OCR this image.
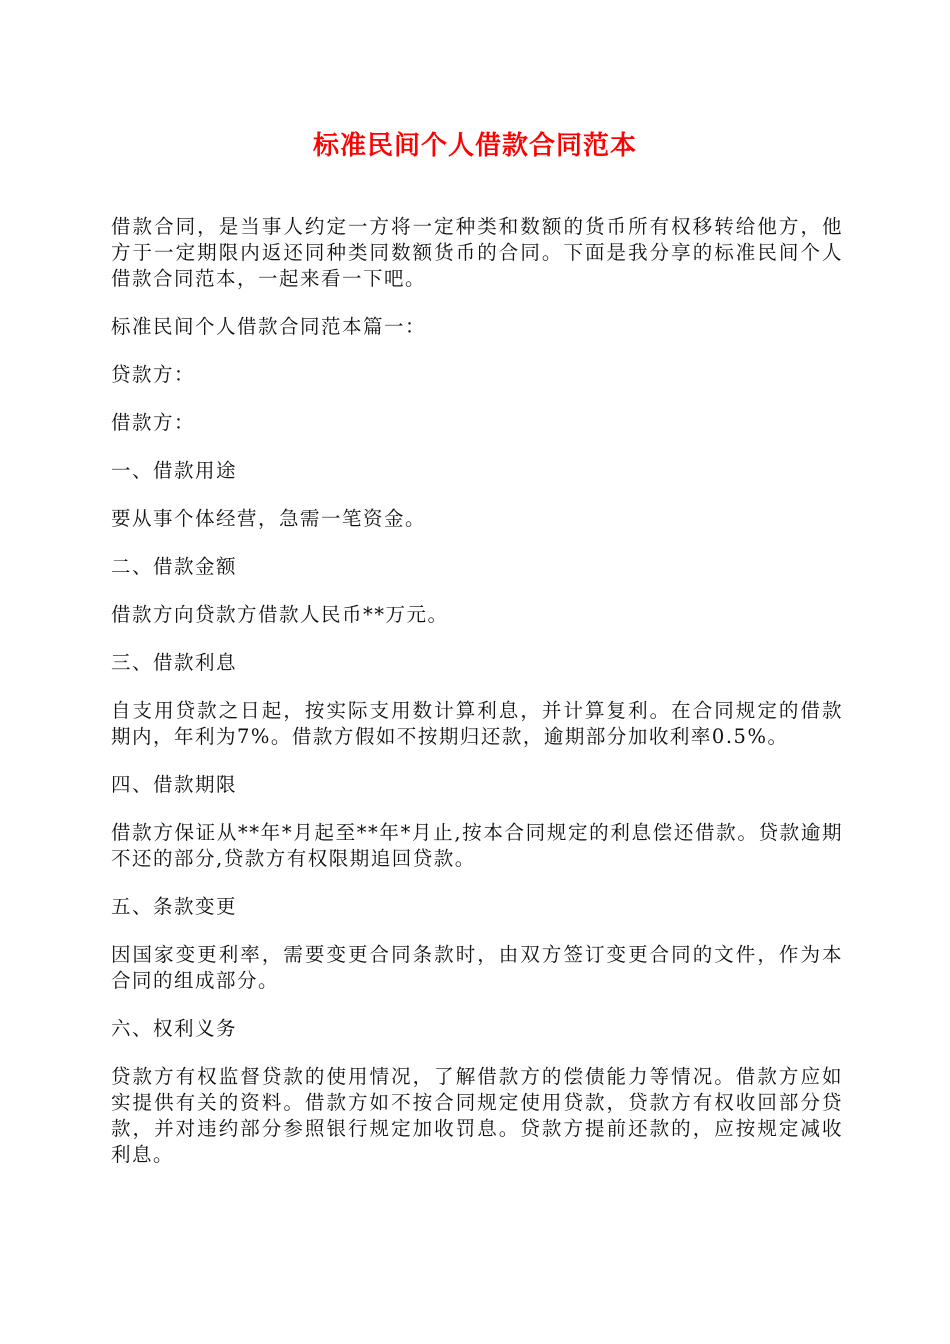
标准民间个人借款合同范本

借款合同，是当事人约定一方将一定种类和数额的货币所有权移转给他方，他方于一定期限内返还同种类同数额货币的合同。下面是我分享的标准民间个人借款合同范本，一起来看一下吧。

标准民间个人借款合同范本篇一：

贷款方：

借款方：

一、借款用途

要从事个体经营，急需一笔资金。

二、借款金额

借款方向贷款方借款人民币**万元。

三、借款利息

自支用贷款之日起，按实际支用数计算利息，并计算复利。在合同规定的借款期内，年利为7%。借款方假如不按期归还款，逾期部分加收利率0.5%。

四、借款期限

借款方保证从**年*月起至**年*月止,按本合同规定的利息偿还借款。贷款逾期不还的部分,贷款方有权限期追回贷款。

五、条款变更

因国家变更利率，需要变更合同条款时，由双方签订变更合同的文件，作为本合同的组成部分。

六、权利义务

贷款方有权监督贷款的使用情况，了解借款方的偿债能力等情况。借款方应如实提供有关的资料。借款方如不按合同规定使用贷款，贷款方有权收回部分贷款，并对违约部分参照银行规定加收罚息。贷款方提前还款的，应按规定减收利息。
